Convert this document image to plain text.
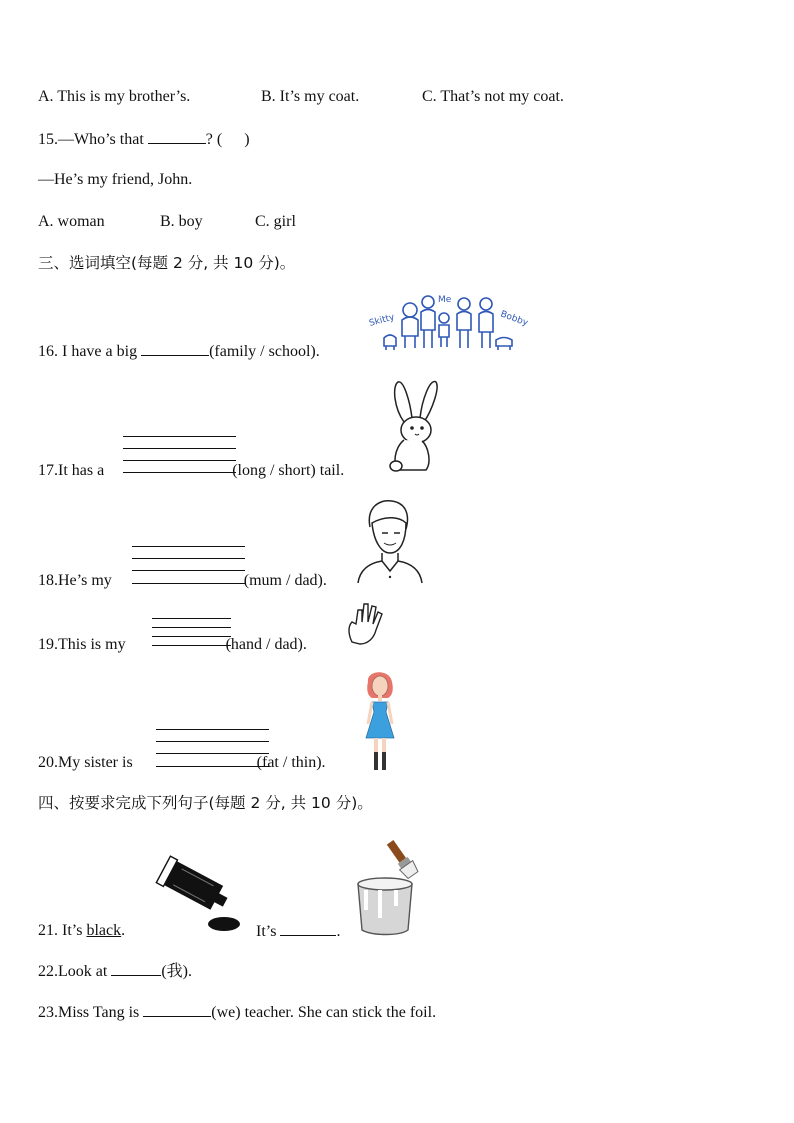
A. This is my brother’s.	B. It’s my coat.	C. That’s not my coat.
15.—Who’s that	? ( )
—He’s my friend, John.
A. woman	B. boy	C. girl
三、选词填空(每题 2 分, 共 10 分)。
16. I have a big	(family / school).
Skitty
Me
Bobby
17.It has a	(long / short) tail.
18.He’s my	(mum / dad).
19.This is my	(hand / dad).
20.My sister is	(fat / thin).
四、按要求完成下列句子(每题 2 分, 共 10 分)。
21. It’s black.	It’s	.
22.Look at	(我).
23.Miss Tang is	(we) teacher. She can stick the foil.
